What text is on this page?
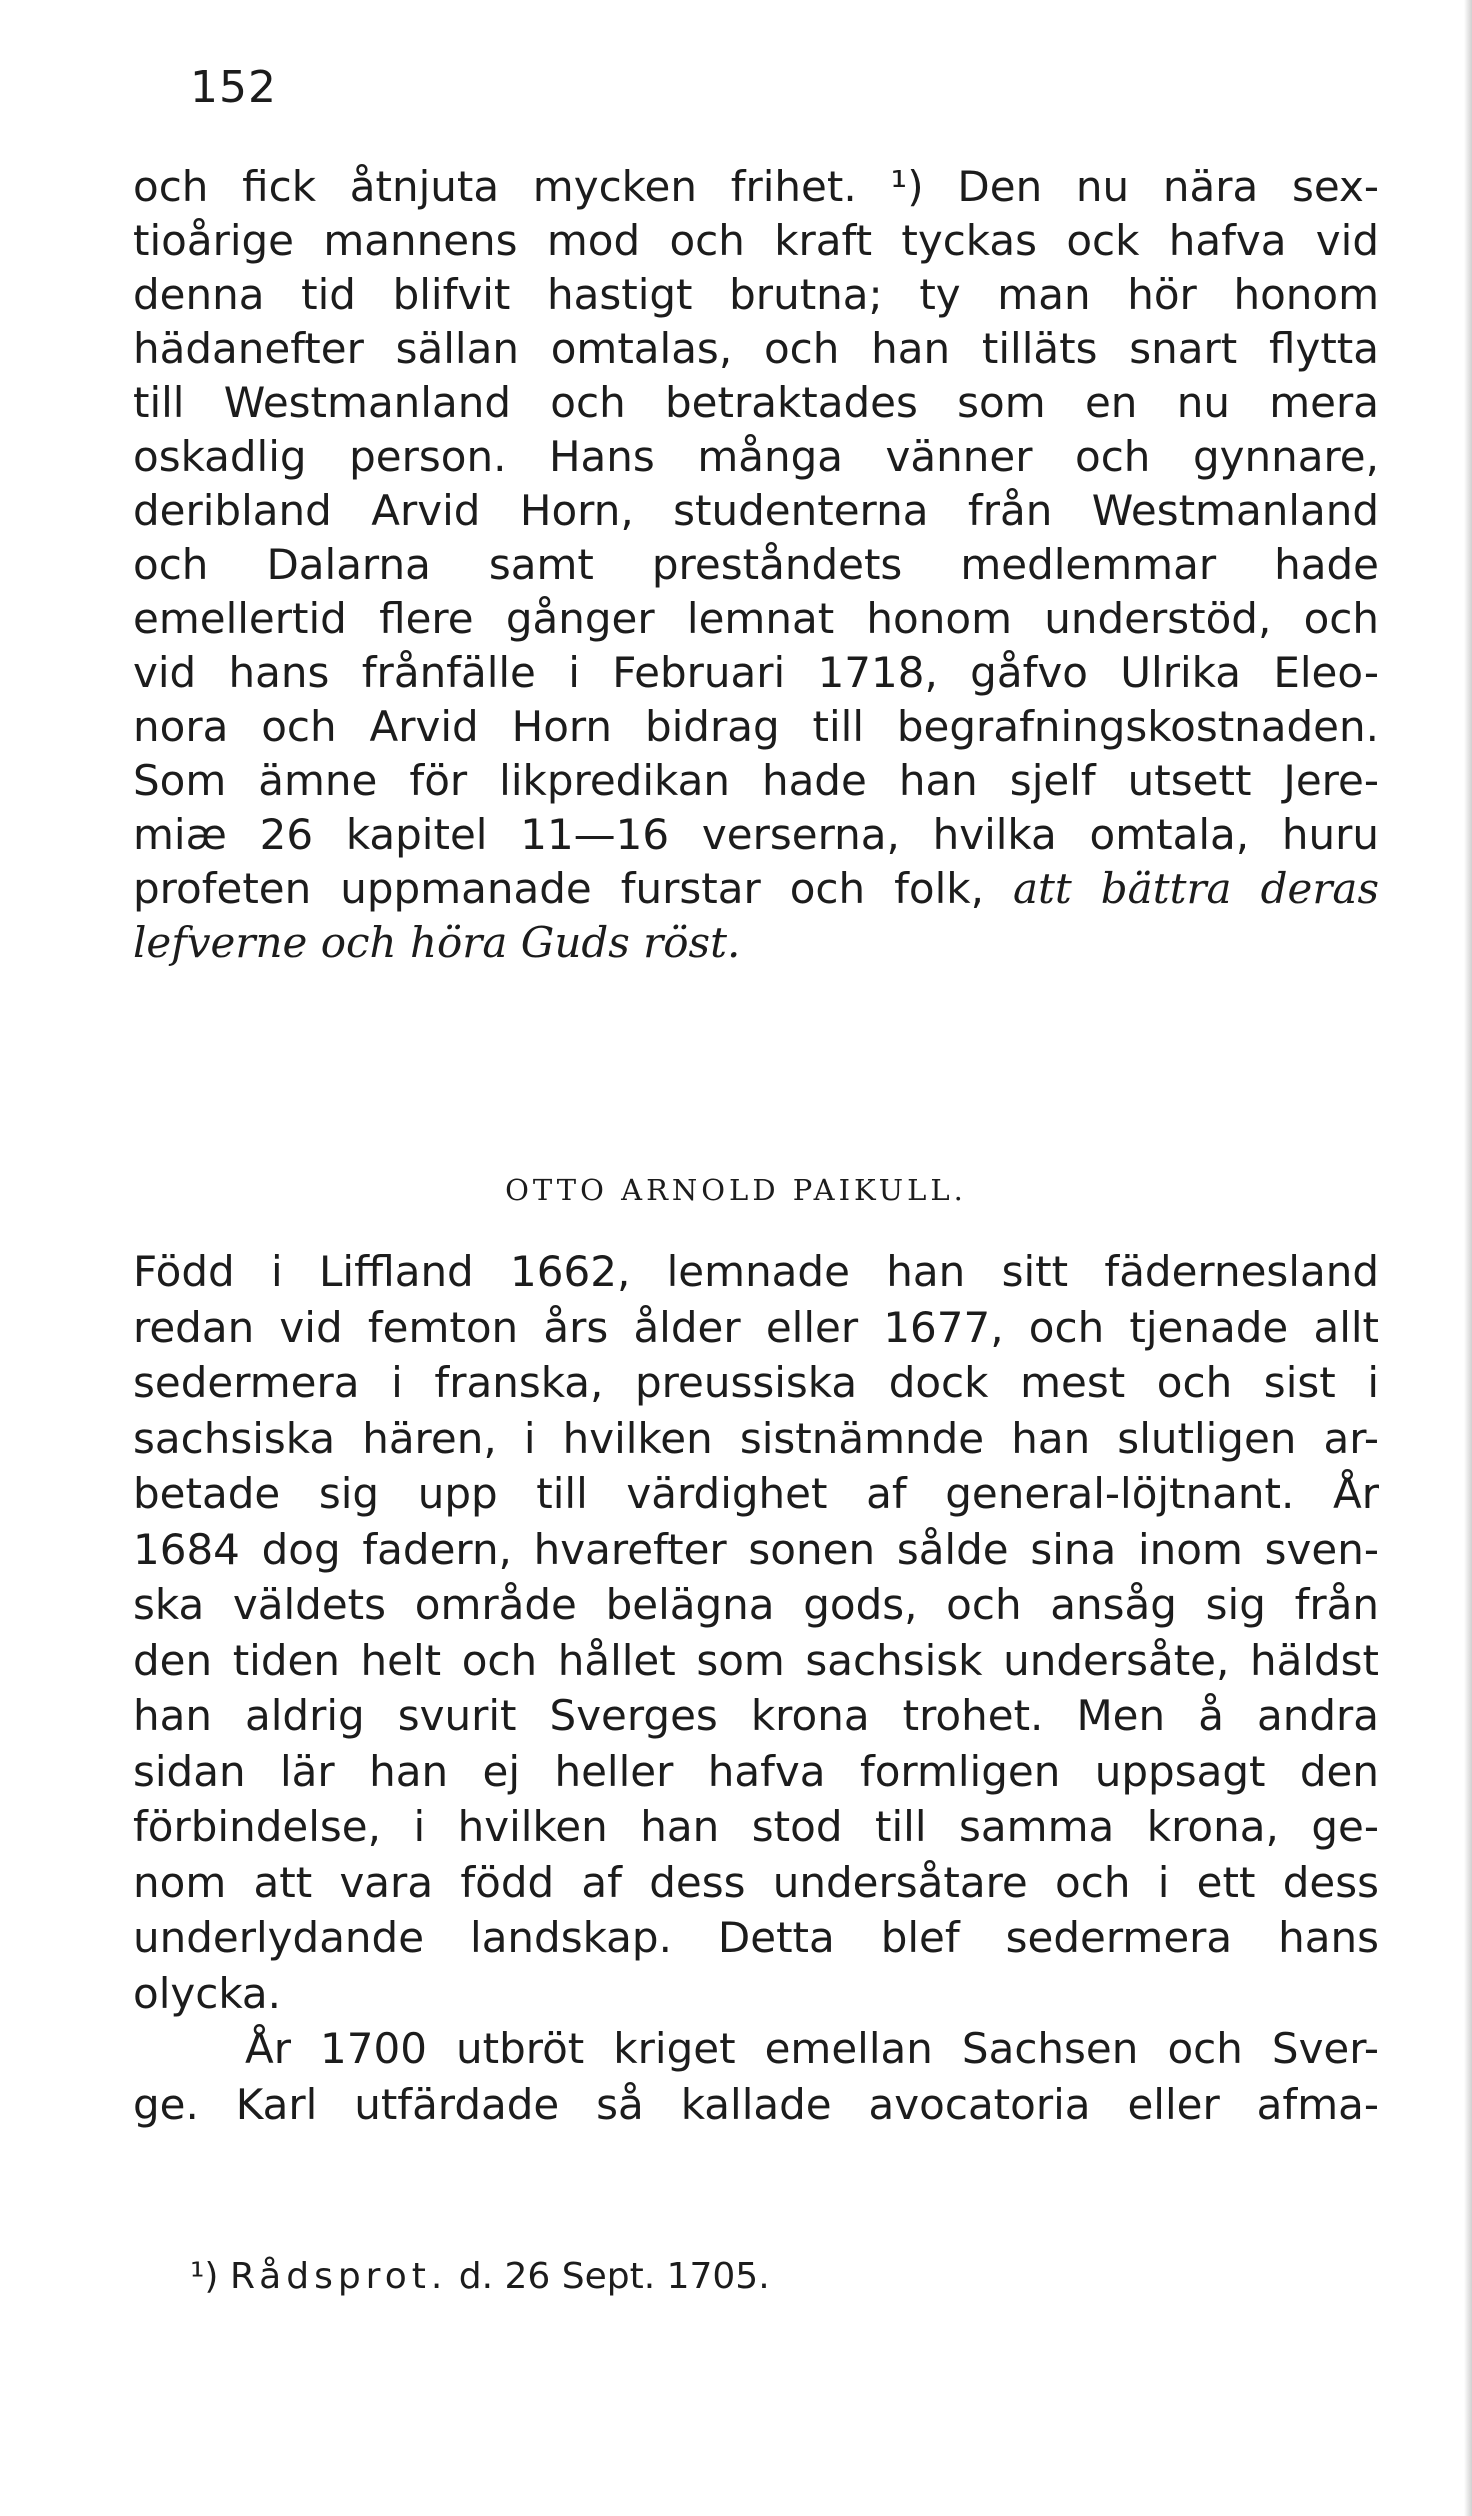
152
och fick åtnjuta mycken frihet. ¹) Den nu nära sex-
tioårige mannens mod och kraft tyckas ock hafva vid
denna tid blifvit hastigt brutna; ty man hör honom
hädanefter sällan omtalas, och han tilläts snart flytta
till Westmanland och betraktades som en nu mera
oskadlig person. Hans många vänner och gynnare,
deribland Arvid Horn, studenterna från Westmanland
och Dalarna samt preståndets medlemmar hade
emellertid flere gånger lemnat honom understöd, och
vid hans frånfälle i Februari 1718, gåfvo Ulrika Eleo-
nora och Arvid Horn bidrag till begrafningskostnaden.
Som ämne för likpredikan hade han sjelf utsett Jere-
miæ 26 kapitel 11—16 verserna, hvilka omtala, huru
profeten uppmanade furstar och folk, att bättra deras
lefverne och höra Guds röst.
OTTO ARNOLD PAIKULL.
Född i Liffland 1662, lemnade han sitt fädernesland
redan vid femton års ålder eller 1677, och tjenade allt
sedermera i franska, preussiska dock mest och sist i
sachsiska hären, i hvilken sistnämnde han slutligen ar-
betade sig upp till värdighet af general-löjtnant. År
1684 dog fadern, hvarefter sonen sålde sina inom sven-
ska väldets område belägna gods, och ansåg sig från
den tiden helt och hållet som sachsisk undersåte, häldst
han aldrig svurit Sverges krona trohet. Men å andra
sidan lär han ej heller hafva formligen uppsagt den
förbindelse, i hvilken han stod till samma krona, ge-
nom att vara född af dess undersåtare och i ett dess
underlydande landskap. Detta blef sedermera hans
olycka.
År 1700 utbröt kriget emellan Sachsen och Sver-
ge. Karl utfärdade så kallade avocatoria eller afma-
¹) Rådsprot. d. 26 Sept. 1705.
